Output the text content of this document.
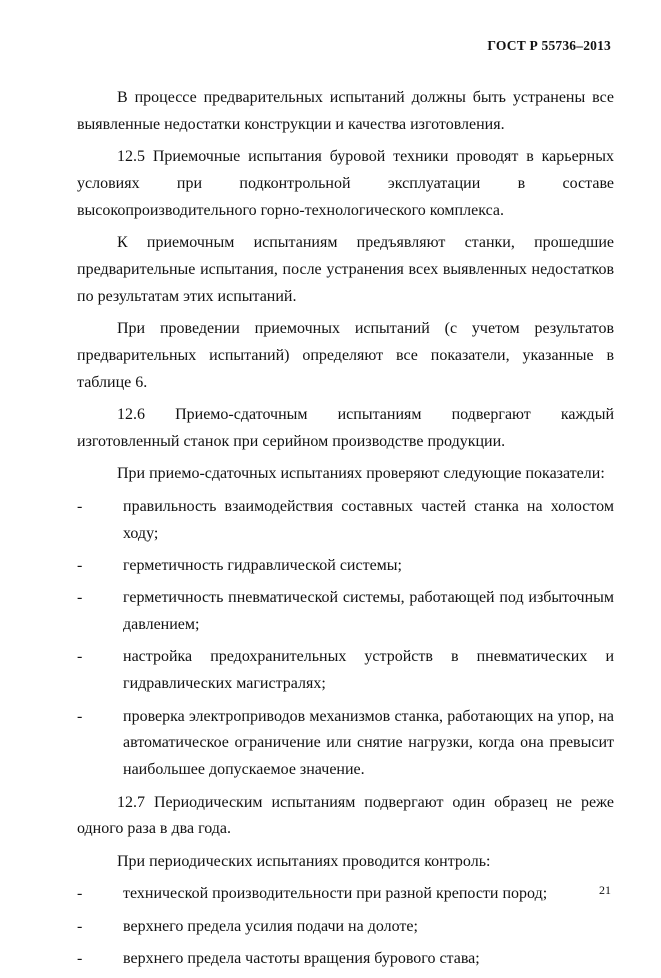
ГОСТ Р 55736–2013

В процессе предварительных испытаний должны быть устранены все выявленные недостатки конструкции и качества изготовления.

12.5 Приемочные испытания буровой техники проводят в карьерных условиях при подконтрольной эксплуатации в составе высокопроизводительного горно-технологического комплекса.

К приемочным испытаниям предъявляют станки, прошедшие предварительные испытания, после устранения всех выявленных недостатков по результатам этих испытаний.

При проведении приемочных испытаний (с учетом результатов предварительных испытаний) определяют все показатели, указанные в таблице 6.

12.6 Приемо-сдаточным испытаниям подвергают каждый изготовленный станок при серийном производстве продукции.

При приемо-сдаточных испытаниях проверяют следующие показатели:

-	правильность взаимодействия составных частей станка на холостом ходу;
-	герметичность гидравлической системы;
-	герметичность пневматической системы, работающей под избыточным давлением;
-	настройка предохранительных устройств в пневматических и гидравлических магистралях;
-	проверка электроприводов механизмов станка, работающих на упор, на автоматическое ограничение или снятие нагрузки, когда она превысит наибольшее допускаемое значение.

12.7 Периодическим испытаниям подвергают один образец не реже одного раза в два года.

При периодических испытаниях проводится контроль:

-	технической производительности при разной крепости пород;
-	верхнего предела усилия подачи на долоте;
-	верхнего предела частоты вращения бурового става;
21
